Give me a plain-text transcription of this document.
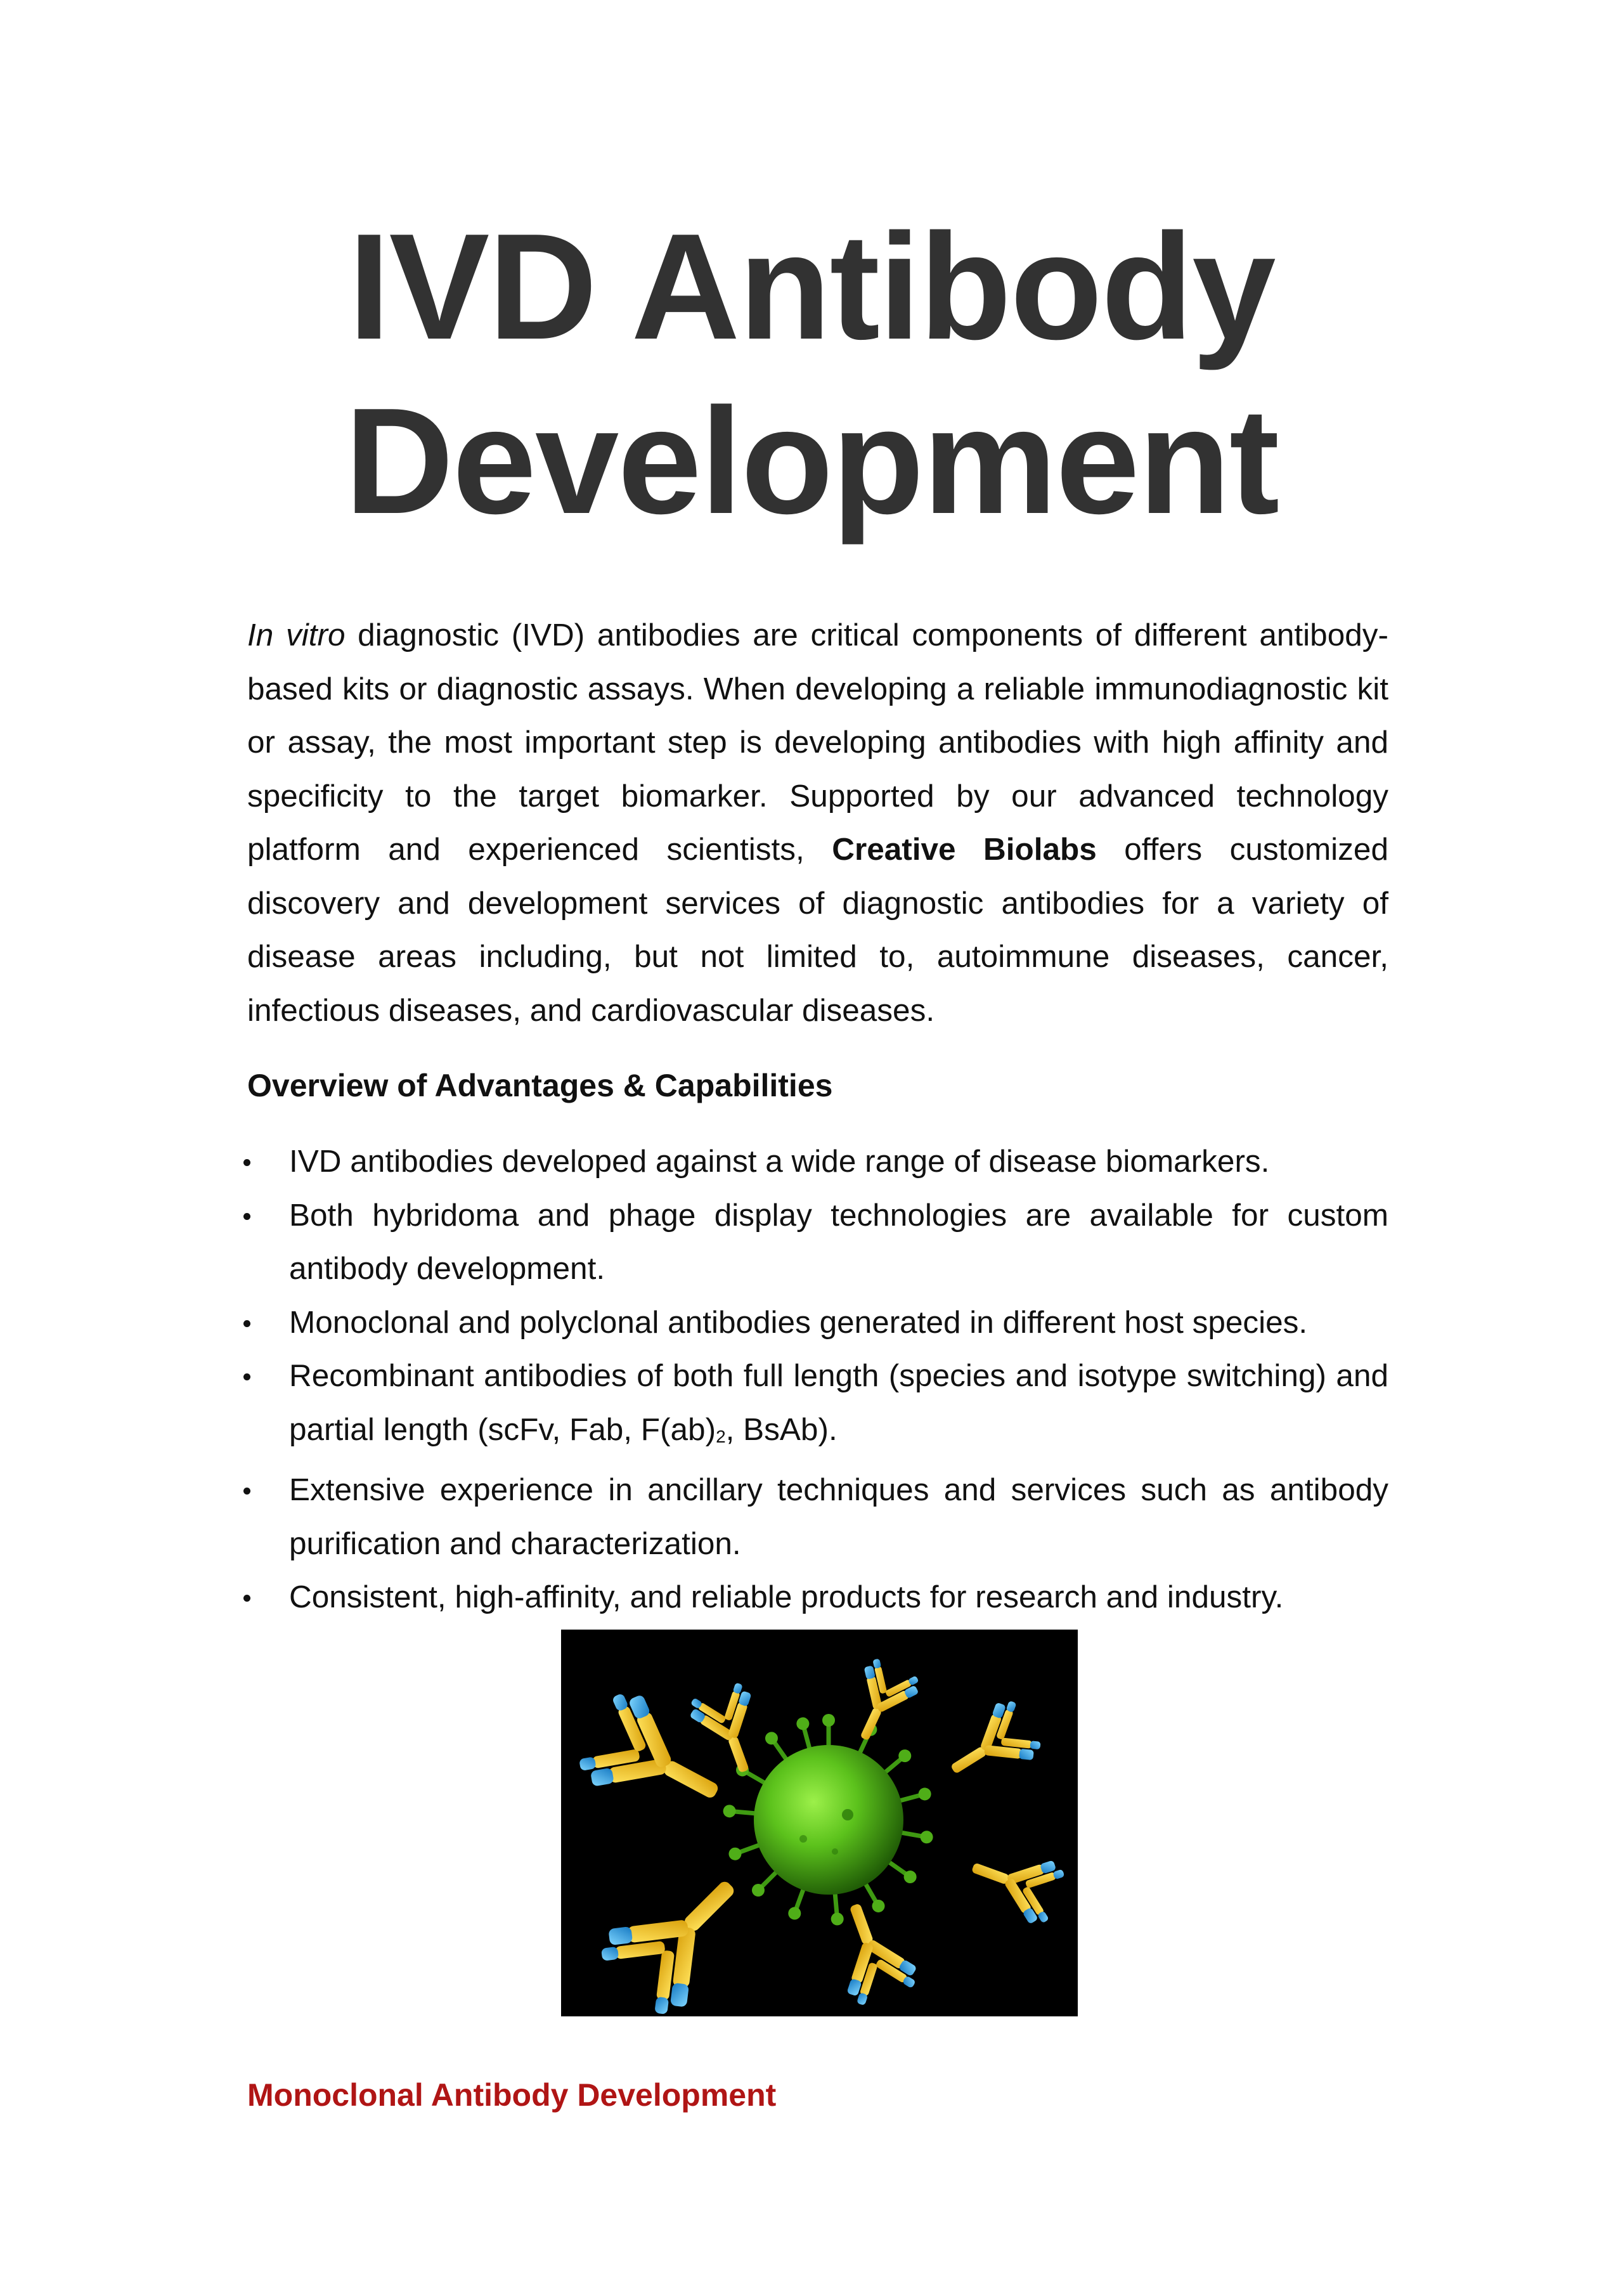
IVD Antibody
Development

In vitro diagnostic (IVD) antibodies are critical components of different antibody-based kits or diagnostic assays. When developing a reliable immunodiagnostic kit or assay, the most important step is developing antibodies with high affinity and specificity to the target biomarker. Supported by our advanced technology platform and experienced scientists, Creative Biolabs offers customized discovery and development services of diagnostic antibodies for a variety of disease areas including, but not limited to, autoimmune diseases, cancer, infectious diseases, and cardiovascular diseases.

Overview of Advantages & Capabilities
IVD antibodies developed against a wide range of disease biomarkers.
Both hybridoma and phage display technologies are available for custom antibody development.
Monoclonal and polyclonal antibodies generated in different host species.
Recombinant antibodies of both full length (species and isotype switching) and partial length (scFv, Fab, $F(ab)_2$, BsAb).
Extensive experience in ancillary techniques and services such as antibody purification and characterization.
Consistent, high-affinity, and reliable products for research and industry.

Monoclonal Antibody Development
